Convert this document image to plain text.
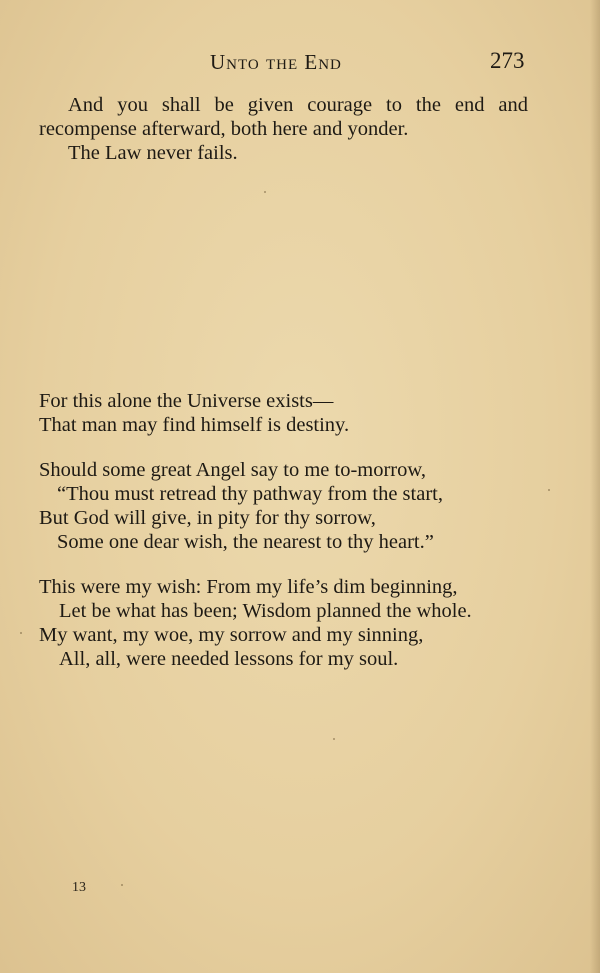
Unto the End	273
And you shall be given courage to the end and
recompense afterward, both here and yonder.
The Law never fails.
For this alone the Universe exists—
That man may find himself is destiny.
Should some great Angel say to me to-morrow,
“Thou must retread thy pathway from the start,
But God will give, in pity for thy sorrow,
Some one dear wish, the nearest to thy heart.”
This were my wish: From my life’s dim beginning,
Let be what has been; Wisdom planned the whole.
My want, my woe, my sorrow and my sinning,
All, all, were needed lessons for my soul.
13
